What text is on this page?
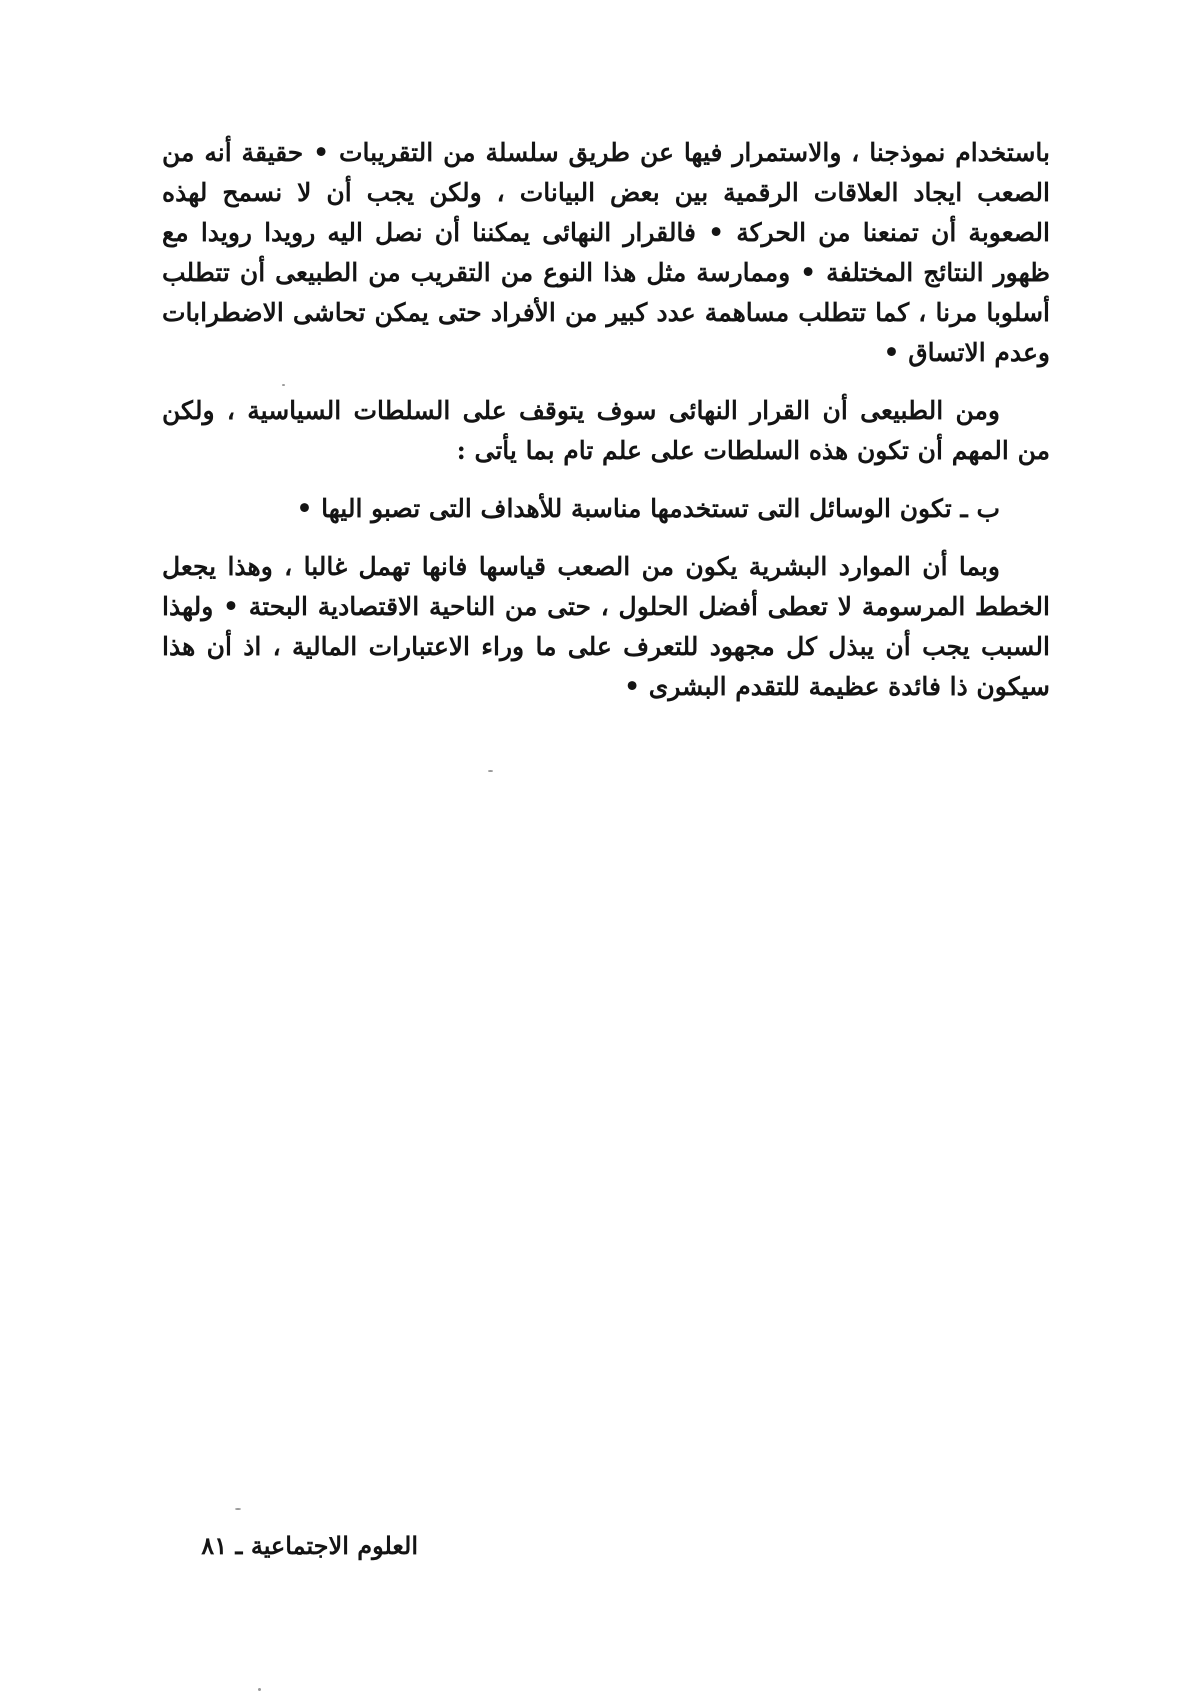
باستخدام نموذجنا ، والاستمرار فيها عن طريق سلسلة من التقريبات • حقيقة أنه من الصعب ايجاد العلاقات الرقمية بين بعض البيانات ، ولكن يجب أن لا نسمح لهذه الصعوبة أن تمنعنا من الحركة • فالقرار النهائى يمكننا أن نصل اليه رويدا رويدا مع ظهور النتائج المختلفة • وممارسة مثل هذا النوع من التقريب من الطبيعى أن تتطلب أسلوبا مرنا ، كما تتطلب مساهمة عدد كبير من الأفراد حتى يمكن تحاشى الاضطرابات وعدم الاتساق •

ومن الطبيعى أن القرار النهائى سوف يتوقف على السلطات السياسية ، ولكن من المهم أن تكون هذه السلطات على علم تام بما يأتى :

ب ـ تكون الوسائل التى تستخدمها مناسبة للأهداف التى تصبو اليها •

وبما أن الموارد البشرية يكون من الصعب قياسها فانها تهمل غالبا ، وهذا يجعل الخطط المرسومة لا تعطى أفضل الحلول ، حتى من الناحية الاقتصادية البحتة • ولهذا السبب يجب أن يبذل كل مجهود للتعرف على ما وراء الاعتبارات المالية ، اذ أن هذا سيكون ذا فائدة عظيمة للتقدم البشرى •

العلوم الاجتماعية ـ ٨١
